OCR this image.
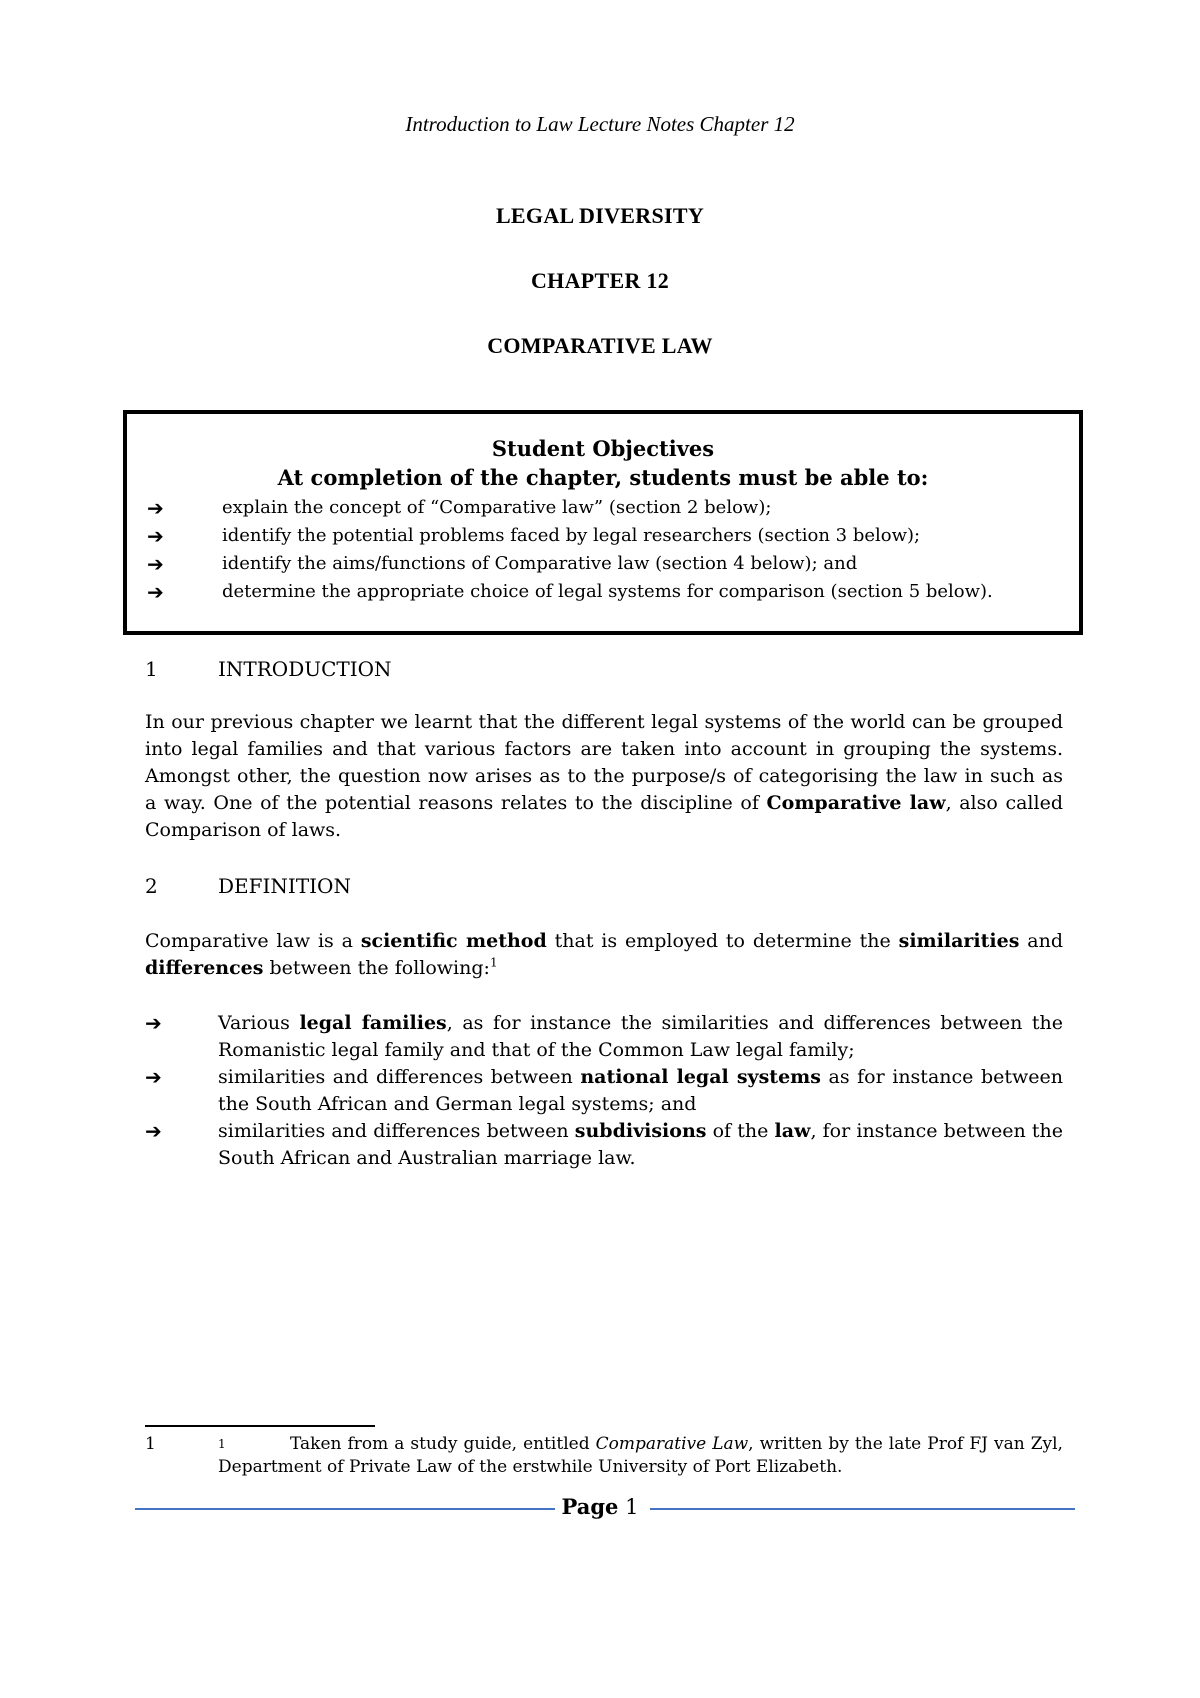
Introduction to Law Lecture Notes Chapter 12
LEGAL DIVERSITY
CHAPTER 12
COMPARATIVE LAW
Student Objectives
At completion of the chapter, students must be able to:
➔	explain the concept of “Comparative law” (section 2 below);
➔	identify the potential problems faced by legal researchers (section 3 below);
➔	identify the aims/functions of Comparative law (section 4 below); and
➔	determine the appropriate choice of legal systems for comparison (section 5 below).
1	INTRODUCTION
In our previous chapter we learnt that the different legal systems of the world can be grouped into legal families and that various factors are taken into account in grouping the systems. Amongst other, the question now arises as to the purpose/s of categorising the law in such as a way. One of the potential reasons relates to the discipline of Comparative law, also called Comparison of laws.
2	DEFINITION
Comparative law is a scientific method that is employed to determine the similarities and differences between the following:$^1$
➔	Various legal families, as for instance the similarities and differences between the Romanistic legal family and that of the Common Law legal family;
➔	similarities and differences between national legal systems as for instance between the South African and German legal systems; and
➔	similarities and differences between subdivisions of the law, for instance between the South African and Australian marriage law.
1	1	Taken from a study guide, entitled Comparative Law, written by the late Prof FJ van Zyl, Department of Private Law of the erstwhile University of Port Elizabeth.
Page 1
